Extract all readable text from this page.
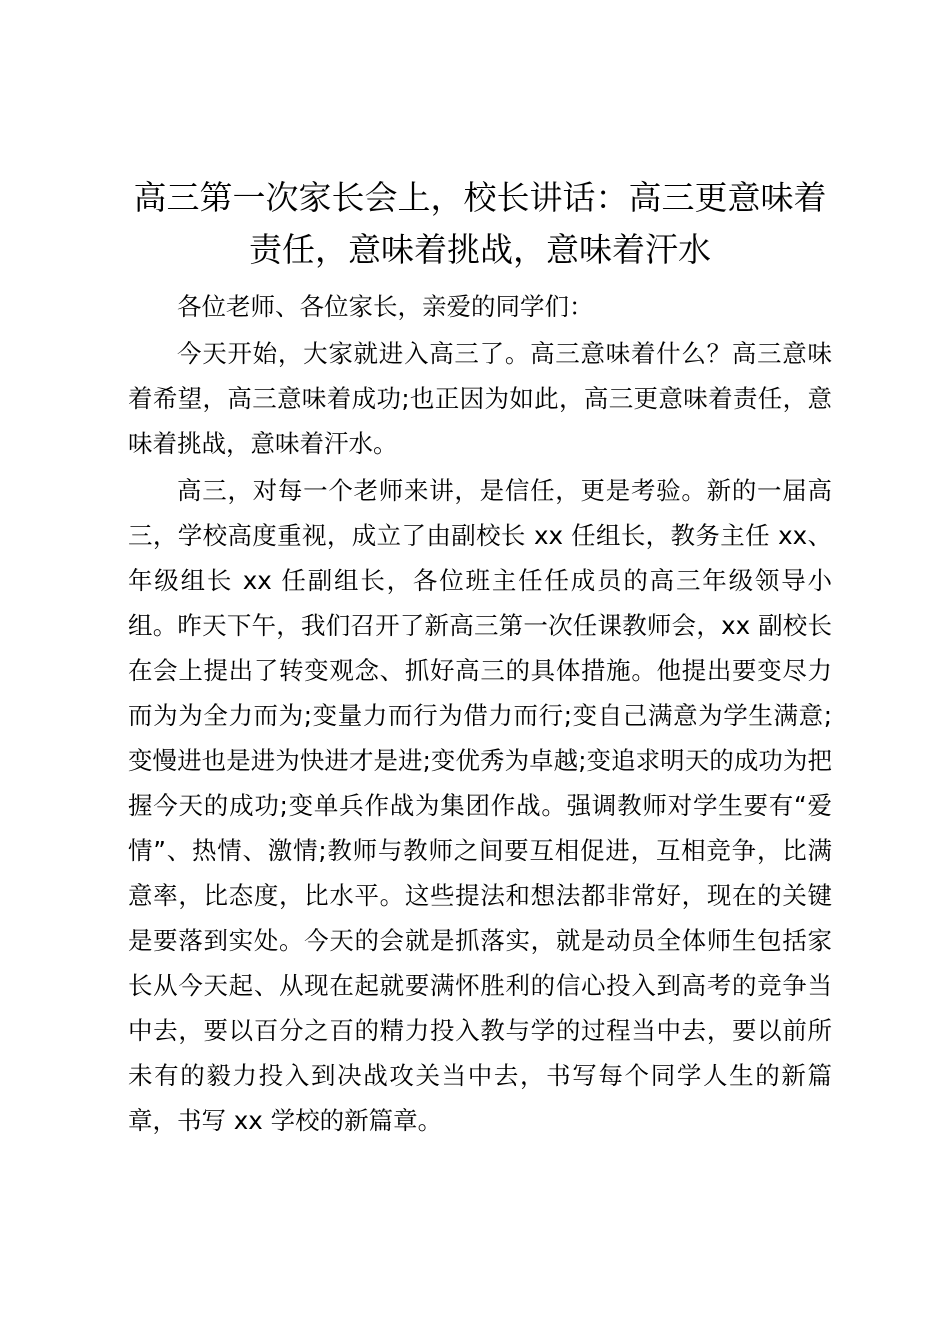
高三第一次家长会上，校长讲话：高三更意味着责任，意味着挑战，意味着汗水

各位老师、各位家长，亲爱的同学们：

今天开始，大家就进入高三了。高三意味着什么？高三意味着希望，高三意味着成功;也正因为如此，高三更意味着责任，意味着挑战，意味着汗水。

高三，对每一个老师来讲，是信任，更是考验。新的一届高三，学校高度重视，成立了由副校长 xx 任组长，教务主任 xx、年级组长 xx 任副组长，各位班主任任成员的高三年级领导小组。昨天下午，我们召开了新高三第一次任课教师会，xx 副校长在会上提出了转变观念、抓好高三的具体措施。他提出要变尽力而为为全力而为;变量力而行为借力而行;变自己满意为学生满意;变慢进也是进为快进才是进;变优秀为卓越;变追求明天的成功为把握今天的成功;变单兵作战为集团作战。强调教师对学生要有“爱情”、热情、激情;教师与教师之间要互相促进，互相竞争，比满意率，比态度，比水平。这些提法和想法都非常好，现在的关键是要落到实处。今天的会就是抓落实，就是动员全体师生包括家长从今天起、从现在起就要满怀胜利的信心投入到高考的竞争当中去，要以百分之百的精力投入教与学的过程当中去，要以前所未有的毅力投入到决战攻关当中去，书写每个同学人生的新篇章，书写 xx 学校的新篇章。
